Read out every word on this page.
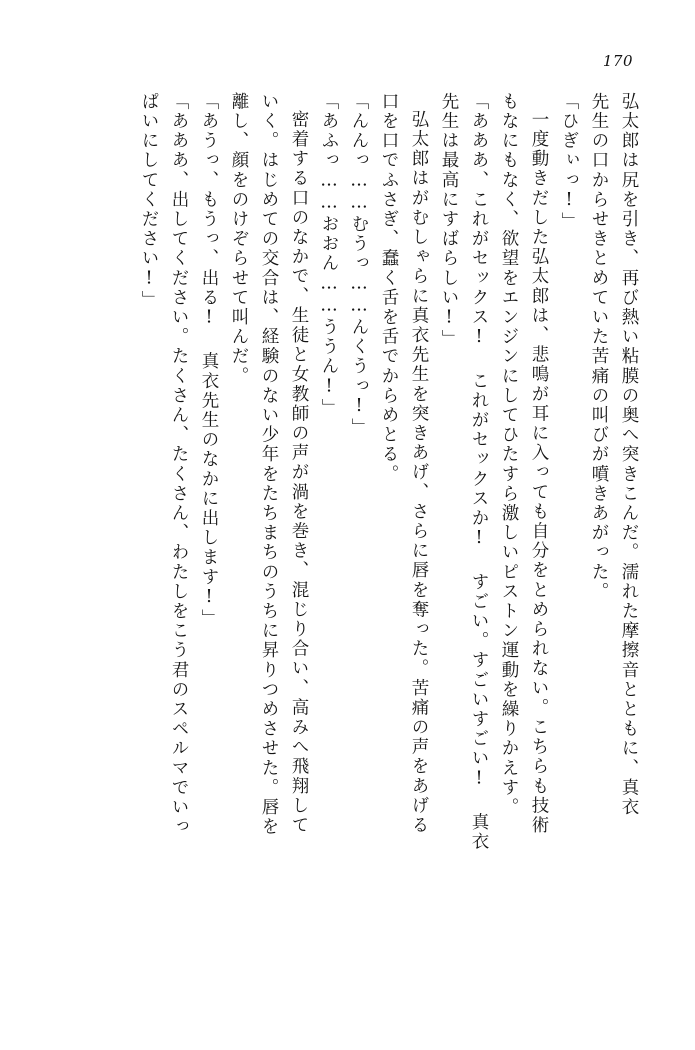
170
弘太郎は尻を引き、再び熱い粘膜の奥へ突きこんだ。濡れた摩擦音とともに、真衣
先生の口からせきとめていた苦痛の叫びが噴きあがった。
「ひぎぃっ!」
一度動きだした弘太郎は、悲鳴が耳に入っても自分をとめられない。こちらも技術
もなにもなく、欲望をエンジンにしてひたすら激しいピストン運動を繰りかえす。
「あああ、これがセックス! これがセックスか! すごい。すごいすごい! 真衣
先生は最高にすばらしい!」
弘太郎はがむしゃらに真衣先生を突きあげ、さらに唇を奪った。苦痛の声をあげる
口を口でふさぎ、蠢く舌を舌でからめとる。
「んんっ……むうっ……んくうっ!」
「あふっ……おおん……ううん!」
密着する口のなかで、生徒と女教師の声が渦を巻き、混じり合い、高みへ飛翔して
いく。はじめての交合は、経験のない少年をたちまちのうちに昇りつめさせた。唇を
離し、顔をのけぞらせて叫んだ。
「あうっ、もうっ、出る! 真衣先生のなかに出します!」
「あああ、出してください。たくさん、たくさん、わたしをこう君のスペルマでいっ
ぱいにしてください!」
